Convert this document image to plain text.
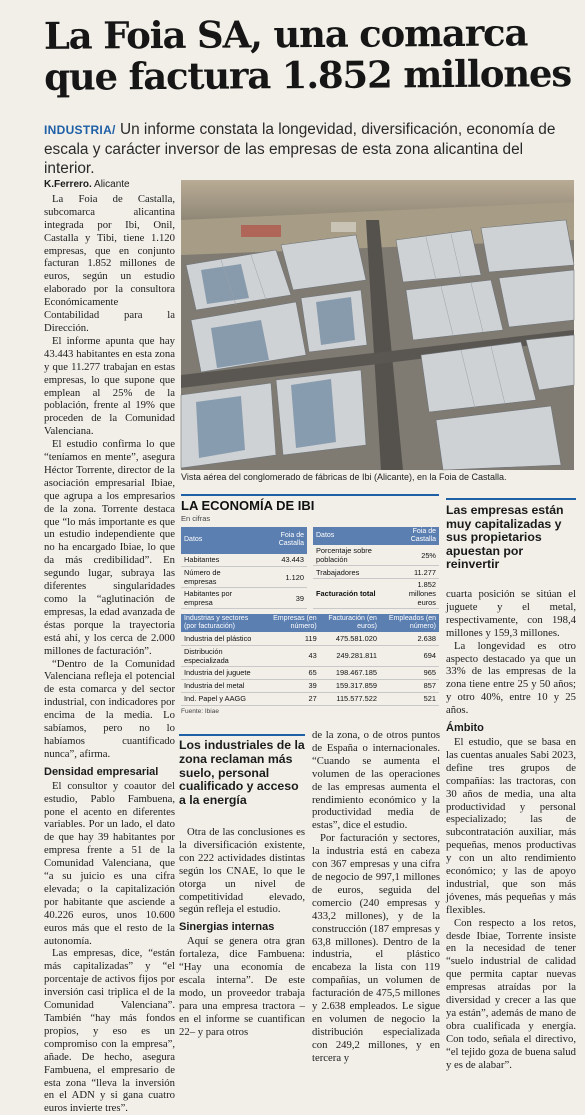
La Foia SA, una comarca que factura 1.852 millones
INDUSTRIA/ Un informe constata la longevidad, diversificación, economía de escala y carácter inversor de las empresas de esta zona alicantina del interior.
K.Ferrero. Alicante

La Foia de Castalla, subcomarca alicantina integrada por Ibi, Onil, Castalla y Tibi, tiene 1.120 empresas, que en conjunto facturan 1.852 millones de euros, según un estudio elaborado por la consultora Económicamente Contabilidad para la Dirección.

El informe apunta que hay 43.443 habitantes en esta zona y que 11.277 trabajan en estas empresas, lo que supone que emplean al 25% de la población, frente al 19% que proceden de la Comunidad Valenciana.

El estudio confirma lo que “teníamos en mente”, asegura Héctor Torrente, director de la asociación empresarial Ibiae, que agrupa a los empresarios de la zona. Torrente destaca que “lo más importante es que un estudio independiente que no ha encargado Ibiae, lo que da más credibilidad”. En segundo lugar, subraya las diferentes singularidades como la “aglutinación de empresas, la edad avanzada de éstas porque la trayectoria está ahí, y los cerca de 2.000 millones de facturación”.

“Dentro de la Comunidad Valenciana refleja el potencial de esta comarca y del sector industrial, con indicadores por encima de la media. Lo sabíamos, pero no lo habíamos cuantificado nunca”, afirma.

Densidad empresarial

El consultor y coautor del estudio, Pablo Fambuena, pone el acento en diferentes variables. Por un lado, el dato de que hay 39 habitantes por empresa frente a 51 de la Comunidad Valenciana, que “a su juicio es una cifra elevada; o la capitalización por habitante que asciende a 40.226 euros, unos 10.600 euros más que el resto de la autonomía.

Las empresas, dice, “están más capitalizadas” y “el porcentaje de activos fijos por inversión casi triplica el de la Comunidad Valenciana”. También “hay más fondos propios, y eso es un compromiso con la empresa”, añade. De hecho, asegura Fambuena, el empresario de esta zona “lleva la inversión en el ADN y si gana cuatro euros invierte tres”.

Vista aérea del conglomerado de fábricas de Ibi (Alicante), en la Foia de Castalla.
LA ECONOMÍA DE IBI
En cifras
Datos	Foia de Castalla
Habitantes	43.443
Número de empresas	1.120
Habitantes por empresa	39
Datos	Foia de Castalla
Porcentaje sobre población	25%
Trabajadores	11.277
Facturación total	1.852 millones euros
Industrias y sectores (por facturación)	Empresas (en número)	Facturación (en euros)	Empleados (en número)
Industria del plástico	119	475.581.020	2.638
Distribución especializada	43	249.281.811	694
Industria del juguete	65	198.467.185	965
Industria del metal	39	159.317.859	857
Ind. Papel y AAGG	27	115.577.522	521
Fuente: Ibiae
Las empresas están muy capitalizadas y sus propietarios apuestan por reinvertir
Los industriales de la zona reclaman más suelo, personal cualificado y acceso a la energía

Otra de las conclusiones es la diversificación existente, con 222 actividades distintas según los CNAE, lo que le otorga un nivel de competitividad elevado, según refleja el estudio.

Sinergias internas

Aquí se genera otra gran fortaleza, dice Fambuena: “Hay una economía de escala interna”. De este modo, un proveedor trabaja para una empresa tractora –en el informe se cuantifican 22– y para otros

de la zona, o de otros puntos de España o internacionales. “Cuando se aumenta el volumen de las operaciones de las empresas aumenta el rendimiento económico y la productividad media de estas”, dice el estudio.

Por facturación y sectores, la industria está en cabeza con 367 empresas y una cifra de negocio de 997,1 millones de euros, seguida del comercio (240 empresas y 433,2 millones), y de la construcción (187 empresas y 63,8 millones). Dentro de la industria, el plástico encabeza la lista con 119 compañías, un volumen de facturación de 475,5 millones y 2.638 empleados. Le sigue en volumen de negocio la distribución especializada con 249,2 millones, y en tercera y

cuarta posición se sitúan el juguete y el metal, respectivamente, con 198,4 millones y 159,3 millones.

La longevidad es otro aspecto destacado ya que un 33% de las empresas de la zona tiene entre 25 y 50 años; y otro 40%, entre 10 y 25 años.

Ámbito

El estudio, que se basa en las cuentas anuales Sabi 2023, define tres grupos de compañías: las tractoras, con 30 años de media, una alta productividad y personal especializado; las de subcontratación auxiliar, más pequeñas, menos productivas y con un alto rendimiento económico; y las de apoyo industrial, que son más jóvenes, más pequeñas y más flexibles.

Con respecto a los retos, desde Ibiae, Torrente insiste en la necesidad de tener “suelo industrial de calidad que permita captar nuevas empresas atraídas por la diversidad y crecer a las que ya están”, además de mano de obra cualificada y energía. Con todo, señala el directivo, “el tejido goza de buena salud y es de alabar”.
